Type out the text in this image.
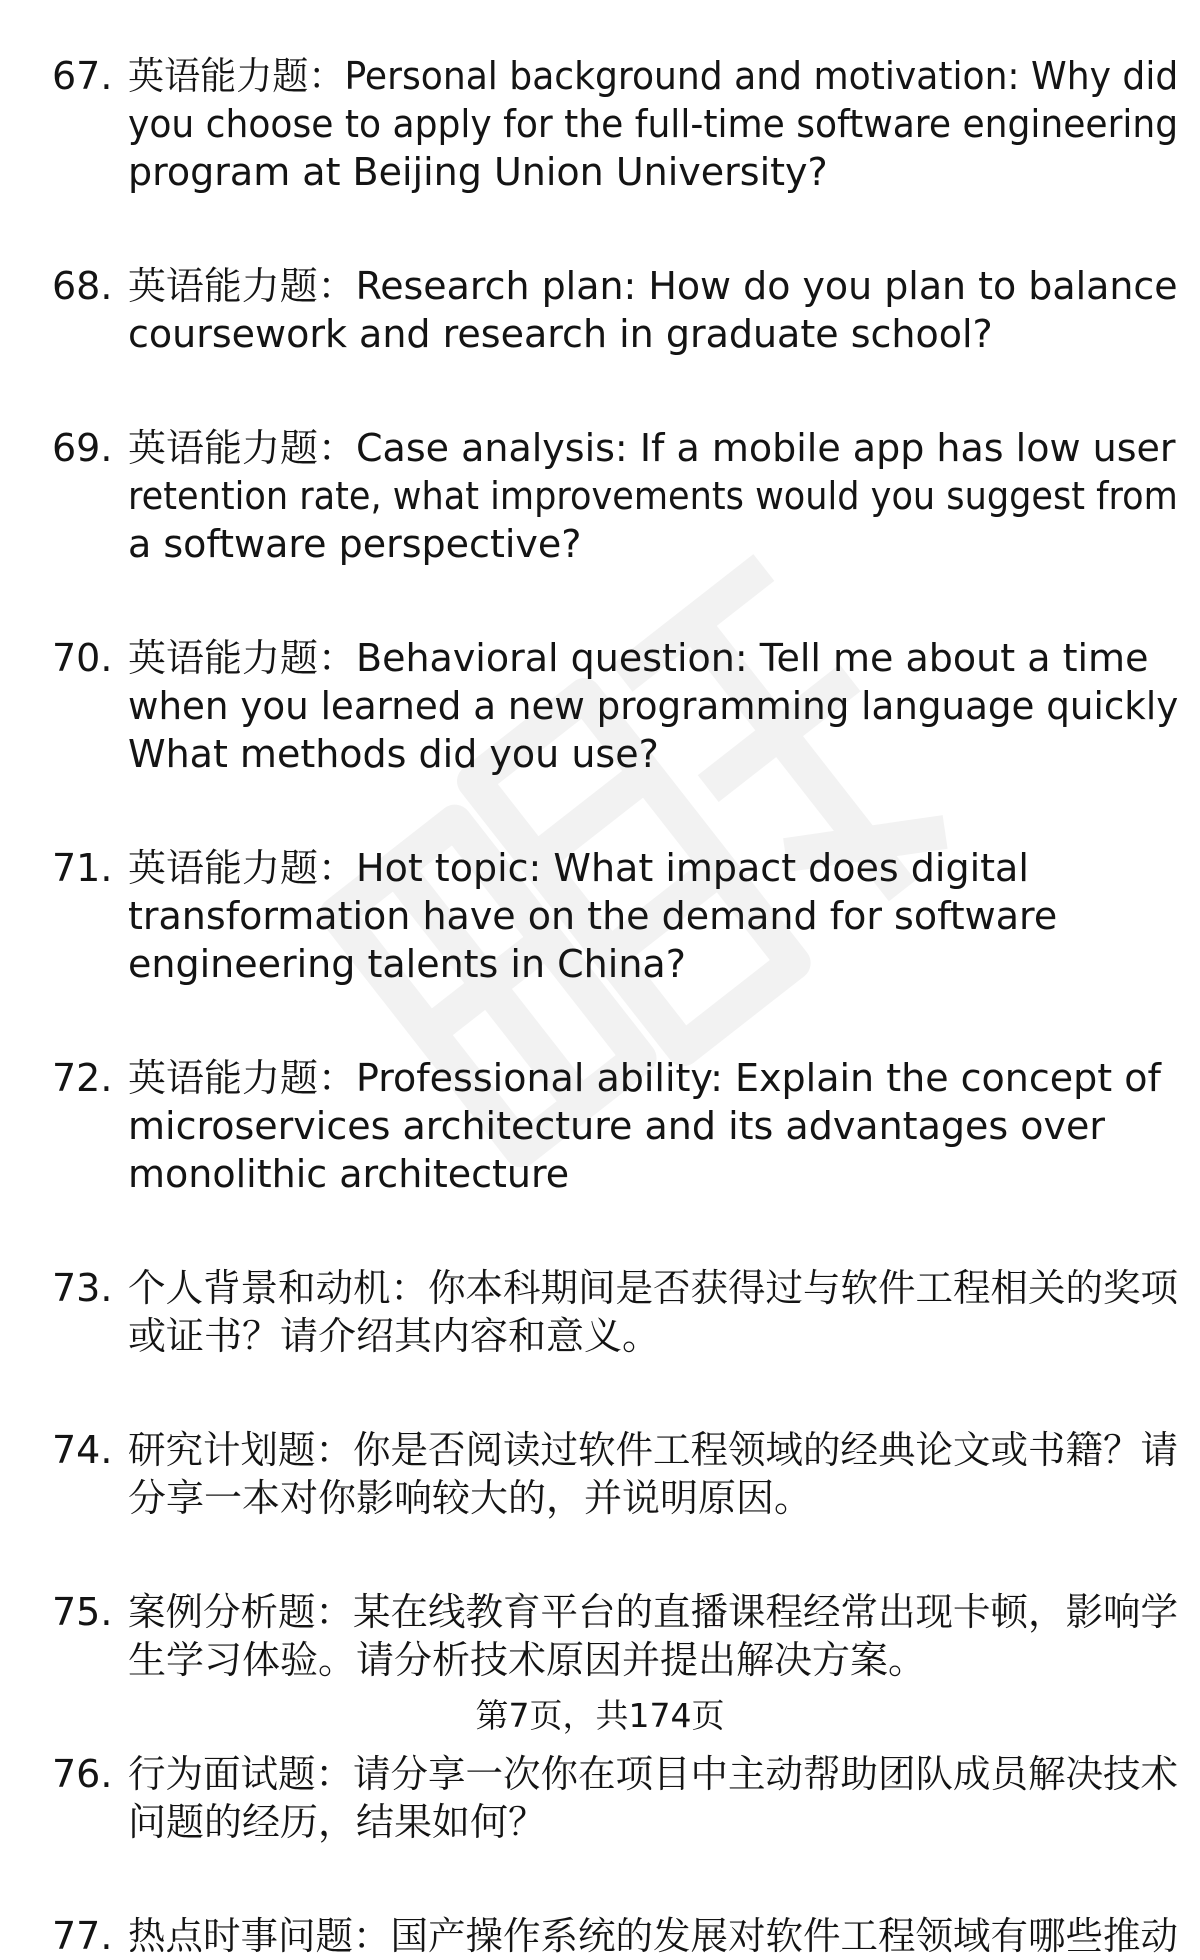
67. 英语能力题：Personal background and motivation: Why did
you choose to apply for the full-time software engineering
program at Beijing Union University?
68. 英语能力题：Research plan: How do you plan to balance
coursework and research in graduate school?
69. 英语能力题：Case analysis: If a mobile app has low user
retention rate, what improvements would you suggest from
a software perspective?
70. 英语能力题：Behavioral question: Tell me about a time
when you learned a new programming language quickly
What methods did you use?
71. 英语能力题：Hot topic: What impact does digital
transformation have on the demand for software
engineering talents in China?
72. 英语能力题：Professional ability: Explain the concept of
microservices architecture and its advantages over
monolithic architecture
73. 个人背景和动机：你本科期间是否获得过与软件工程相关的奖项
或证书？请介绍其内容和意义。
74. 研究计划题：你是否阅读过软件工程领域的经典论文或书籍？请
分享一本对你影响较大的，并说明原因。
75. 案例分析题：某在线教育平台的直播课程经常出现卡顿，影响学
生学习体验。请分析技术原因并提出解决方案。
76. 行为面试题：请分享一次你在项目中主动帮助团队成员解决技术
问题的经历，结果如何？
77. 热点时事问题：国产操作系统的发展对软件工程领域有哪些推动
第7页，共174页
